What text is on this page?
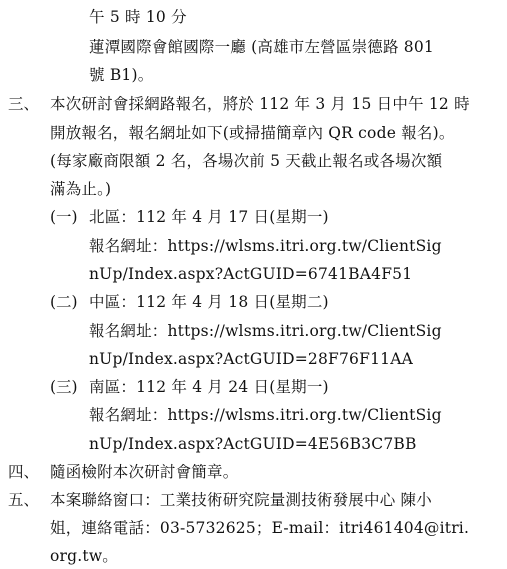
午 5 時 10 分
蓮潭國際會館國際一廳 (高雄市左營區崇德路 801
號 B1)。
三、 本次研討會採網路報名，將於 112 年 3 月 15 日中午 12 時
開放報名，報名網址如下(或掃描簡章內 QR code 報名)。
(每家廠商限額 2 名，各場次前 5 天截止報名或各場次額
滿為止。)
(一) 北區：112 年 4 月 17 日(星期一)
報名網址：https://wlsms.itri.org.tw/ClientSig
nUp/Index.aspx?ActGUID=6741BA4F51
(二) 中區：112 年 4 月 18 日(星期二)
報名網址：https://wlsms.itri.org.tw/ClientSig
nUp/Index.aspx?ActGUID=28F76F11AA
(三) 南區：112 年 4 月 24 日(星期一)
報名網址：https://wlsms.itri.org.tw/ClientSig
nUp/Index.aspx?ActGUID=4E56B3C7BB
四、 隨函檢附本次研討會簡章。
五、 本案聯絡窗口：工業技術研究院量測技術發展中心 陳小
姐，連絡電話：03-5732625；E-mail：itri461404@itri.
org.tw。
